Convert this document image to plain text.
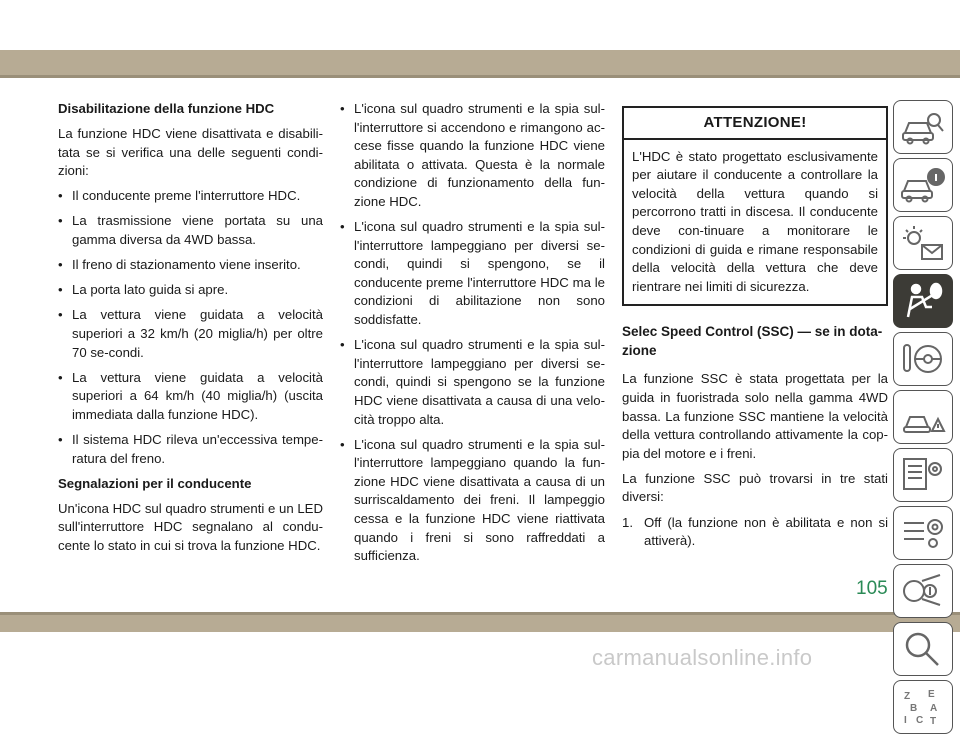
Disabilitazione della funzione HDC

La funzione HDC viene disattivata e disabili-tata se si verifica una delle seguenti condi-zioni:

• Il conducente preme l'interruttore HDC.
• La trasmissione viene portata su una gamma diversa da 4WD bassa.
• Il freno di stazionamento viene inserito.
• La porta lato guida si apre.
• La vettura viene guidata a velocità superiori a 32 km/h (20 miglia/h) per oltre 70 se-condi.
• La vettura viene guidata a velocità superiori a 64 km/h (40 miglia/h) (uscita immediata dalla funzione HDC).
• Il sistema HDC rileva un'eccessiva tempe-ratura del freno.
Segnalazioni per il conducente

Un'icona HDC sul quadro strumenti e un LED sull'interruttore HDC segnalano al condu-cente lo stato in cui si trova la funzione HDC.

• L'icona sul quadro strumenti e la spia sul-l'interruttore si accendono e rimangono ac-cese fisse quando la funzione HDC viene abilitata o attivata. Questa è la normale condizione di funzionamento della fun-zione HDC.
• L'icona sul quadro strumenti e la spia sul-l'interruttore lampeggiano per diversi se-condi, quindi si spengono, se il conducente preme l'interruttore HDC ma le condizioni di abilitazione non sono soddisfatte.
• L'icona sul quadro strumenti e la spia sul-l'interruttore lampeggiano per diversi se-condi, quindi si spengono se la funzione HDC viene disattivata a causa di una velo-cità troppo alta.
• L'icona sul quadro strumenti e la spia sul-l'interruttore lampeggiano quando la fun-zione HDC viene disattivata a causa di un surriscaldamento dei freni. Il lampeggio cessa e la funzione HDC viene riattivata quando i freni si sono raffreddati a sufficienza.
ATTENZIONE!

L'HDC è stato progettato esclusivamente per aiutare il conducente a controllare la velocità della vettura quando si percorrono tratti in discesa. Il conducente deve con-tinuare a monitorare le condizioni di guida e rimane responsabile della velocità della vettura che deve rientrare nei limiti di sicurezza.

Selec Speed Control (SSC) — se in dota-zione

La funzione SSC è stata progettata per la guida in fuoristrada solo nella gamma 4WD bassa. La funzione SSC mantiene la velocità della vettura controllando attivamente la cop-pia del motore e i freni.

La funzione SSC può trovarsi in tre stati diversi:

1. Off (la funzione non è abilitata e non si attiverà).
Z E
B A
I C T
105
carmanualsonline.info
